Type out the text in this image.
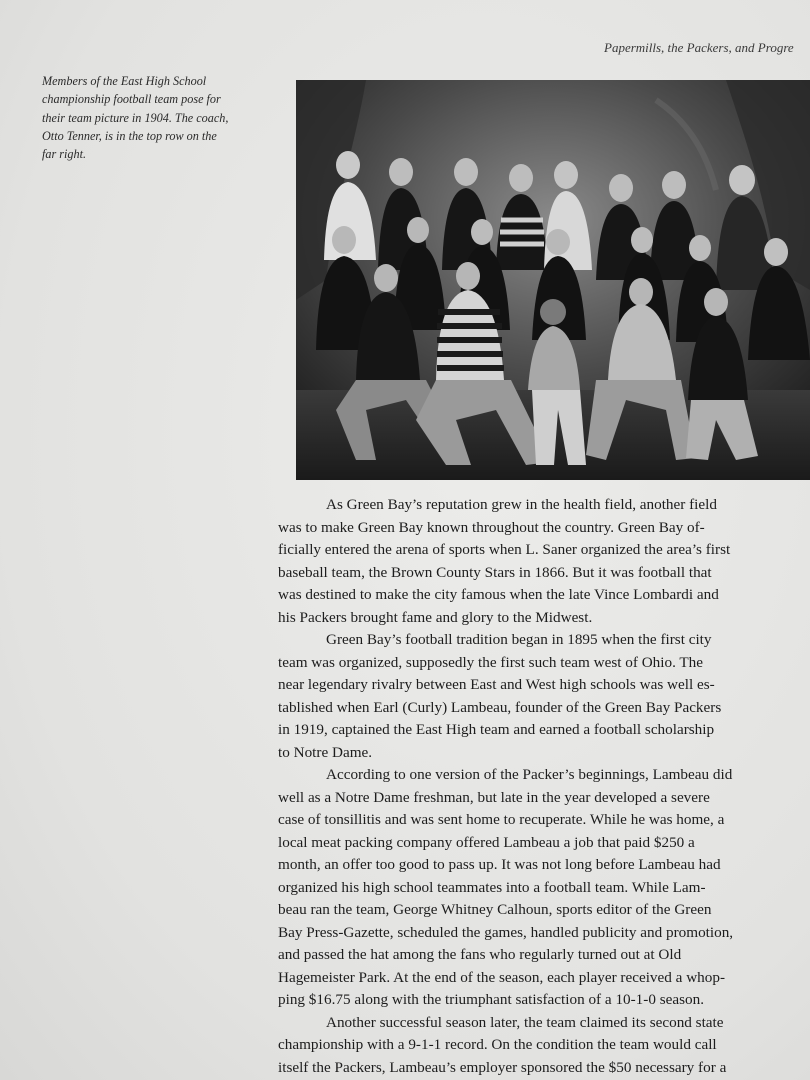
Papermills, the Packers, and Progre
Members of the East High School
championship football team pose for
their team picture in 1904. The coach,
Otto Tenner, is in the top row on the
far right.
As Green Bay’s reputation grew in the health field, another field
was to make Green Bay known throughout the country. Green Bay of-
ficially entered the arena of sports when L. Saner organized the area’s first
baseball team, the Brown County Stars in 1866. But it was football that
was destined to make the city famous when the late Vince Lombardi and
his Packers brought fame and glory to the Midwest.
Green Bay’s football tradition began in 1895 when the first city
team was organized, supposedly the first such team west of Ohio. The
near legendary rivalry between East and West high schools was well es-
tablished when Earl (Curly) Lambeau, founder of the Green Bay Packers
in 1919, captained the East High team and earned a football scholarship
to Notre Dame.
According to one version of the Packer’s beginnings, Lambeau did
well as a Notre Dame freshman, but late in the year developed a severe
case of tonsillitis and was sent home to recuperate. While he was home, a
local meat packing company offered Lambeau a job that paid $250 a
month, an offer too good to pass up. It was not long before Lambeau had
organized his high school teammates into a football team. While Lam-
beau ran the team, George Whitney Calhoun, sports editor of the Green
Bay Press-Gazette, scheduled the games, handled publicity and promotion,
and passed the hat among the fans who regularly turned out at Old
Hagemeister Park. At the end of the season, each player received a whop-
ping $16.75 along with the triumphant satisfaction of a 10-1-0 season.
Another successful season later, the team claimed its second state
championship with a 9-1-1 record. On the condition the team would call
itself the Packers, Lambeau’s employer sponsored the $50 necessary for a
